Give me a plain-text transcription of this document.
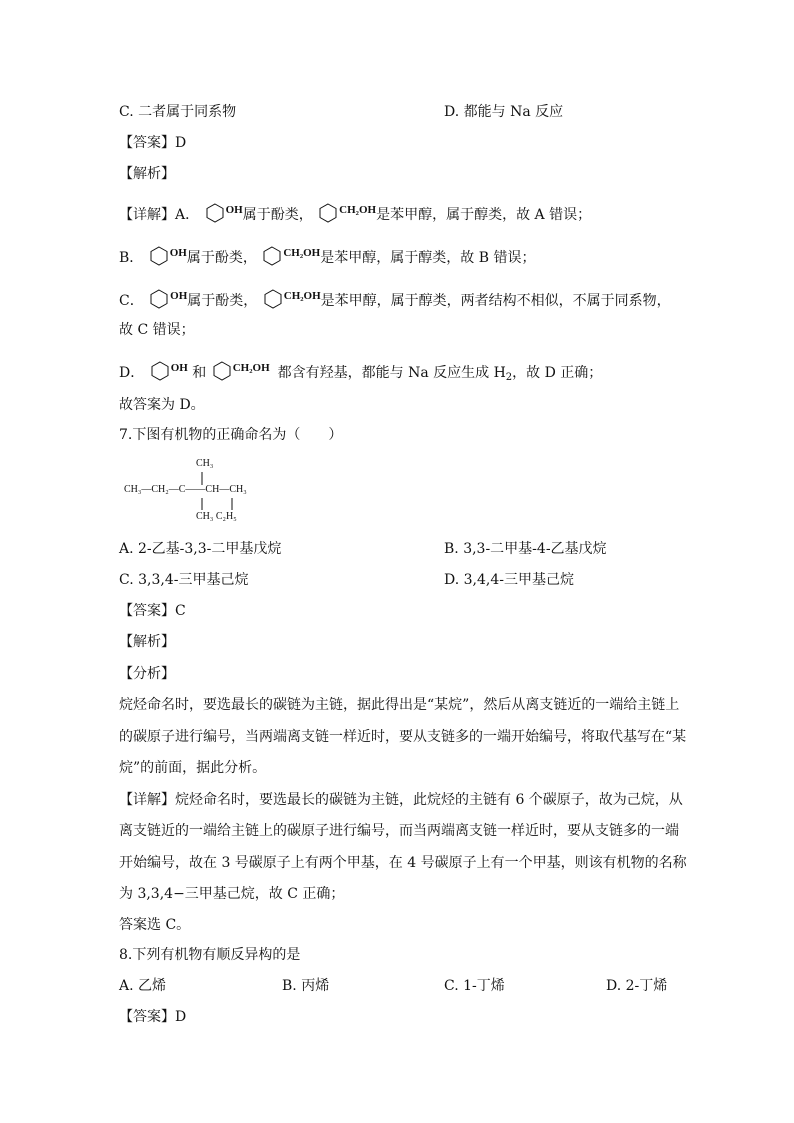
C. 二者属于同系物	D. 都能与 Na 反应
【答案】D
【解析】
【详解】A． $^{OH}$属于酚类， $^{CH_2OH}$是苯甲醇，属于醇类，故 A 错误；
B． $^{OH}$属于酚类， $^{CH_2OH}$是苯甲醇，属于醇类，故 B 错误；
C． $^{OH}$属于酚类， $^{CH_2OH}$是苯甲醇，属于醇类，两者结构不相似，不属于同系物，
故 C 错误；
D． $^{OH}$ 和 $^{CH_2OH}$ 都含有羟基，都能与 Na 反应生成 $H_2$，故 D 正确；
故答案为 D。
7.下图有机物的正确命名为（　　）
CH₃
CH₃—CH₂—C——CH—CH₃
CH₃ C₂H₅
A. 2-乙基-3,3-二甲基戊烷	B. 3,3-二甲基-4-乙基戊烷
C. 3,3,4-三甲基己烷	D. 3,4,4-三甲基己烷
【答案】C
【解析】
【分析】
烷烃命名时，要选最长的碳链为主链，据此得出是“某烷”，然后从离支链近的一端给主链上
的碳原子进行编号，当两端离支链一样近时，要从支链多的一端开始编号，将取代基写在“某
烷”的前面，据此分析。
【详解】烷烃命名时，要选最长的碳链为主链，此烷烃的主链有 6 个碳原子，故为己烷，从
离支链近的一端给主链上的碳原子进行编号，而当两端离支链一样近时，要从支链多的一端
开始编号，故在 3 号碳原子上有两个甲基，在 4 号碳原子上有一个甲基，则该有机物的名称
为 3,3,4−三甲基己烷，故 C 正确；
答案选 C。
8.下列有机物有顺反异构的是
A. 乙烯	B. 丙烯	C. 1-丁烯	D. 2-丁烯
【答案】D
